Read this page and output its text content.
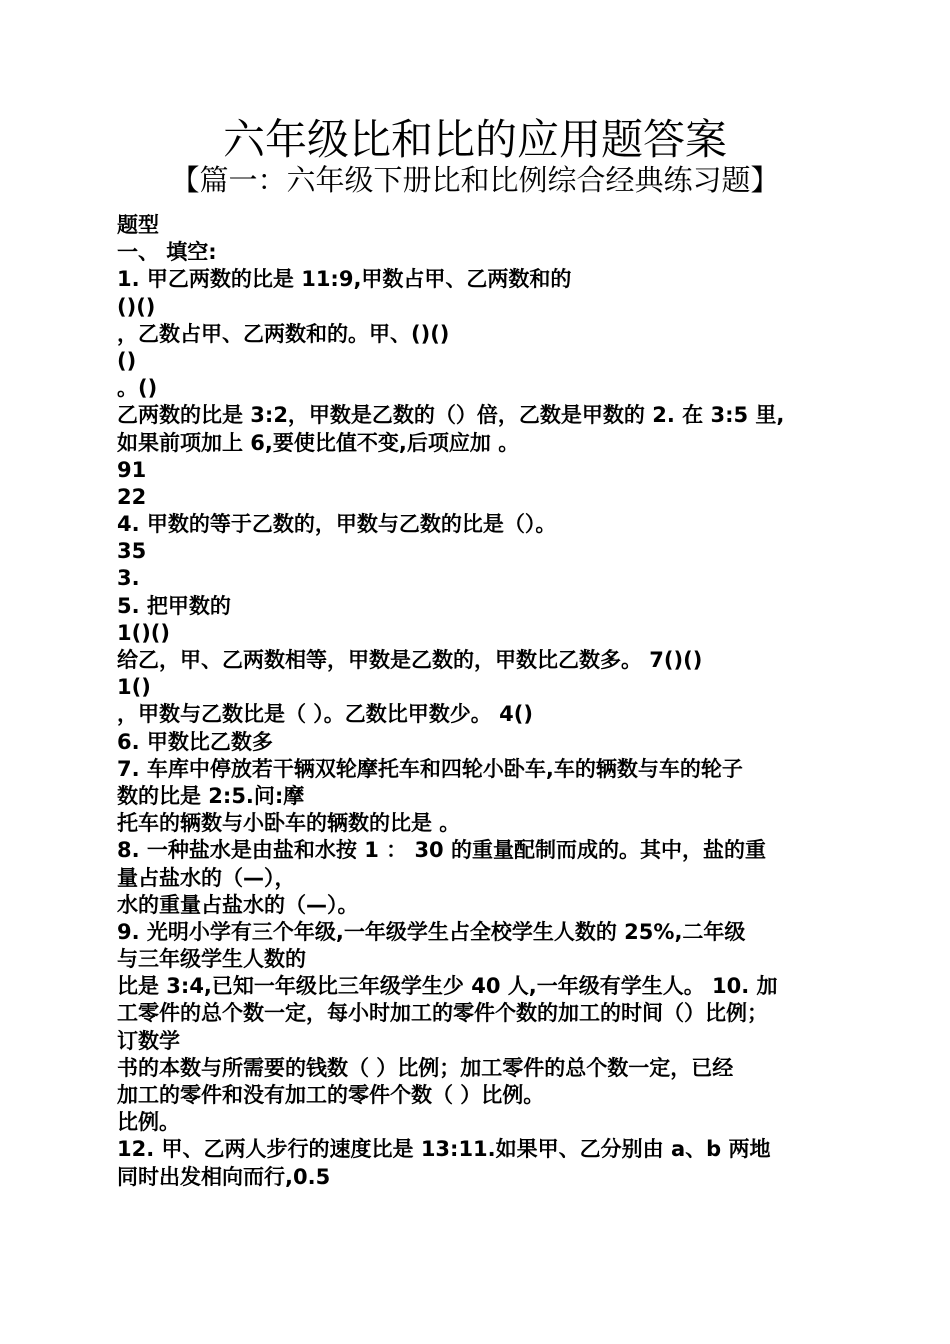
六年级比和比的应用题答案
【篇一：六年级下册比和比例综合经典练习题】
题型
一、 填空:
1. 甲乙两数的比是 11:9,甲数占甲、乙两数和的
()()
，乙数占甲、乙两数和的。甲、()()
()
。()
乙两数的比是 3:2，甲数是乙数的（）倍，乙数是甲数的 2. 在 3:5 里,
如果前项加上 6,要使比值不变,后项应加 。
91
22
4. 甲数的等于乙数的，甲数与乙数的比是（）。
35
3.
5. 把甲数的
1()()
给乙，甲、乙两数相等，甲数是乙数的，甲数比乙数多。 7()()
1()
，甲数与乙数比是（ ）。乙数比甲数少。 4()
6. 甲数比乙数多
7. 车库中停放若干辆双轮摩托车和四轮小卧车,车的辆数与车的轮子
数的比是 2:5.问:摩
托车的辆数与小卧车的辆数的比是 。
8. 一种盐水是由盐和水按 1 ： 30 的重量配制而成的。其中，盐的重
量占盐水的（—），
水的重量占盐水的（—）。
9. 光明小学有三个年级,一年级学生占全校学生人数的 25%,二年级
与三年级学生人数的
比是 3:4,已知一年级比三年级学生少 40 人,一年级有学生人。 10. 加
工零件的总个数一定，每小时加工的零件个数的加工的时间（）比例；
订数学
书的本数与所需要的钱数（ ）比例；加工零件的总个数一定，已经
加工的零件和没有加工的零件个数（ ）比例。
比例。
12. 甲、乙两人步行的速度比是 13:11.如果甲、乙分别由 a、b 两地
同时出发相向而行,0.5
